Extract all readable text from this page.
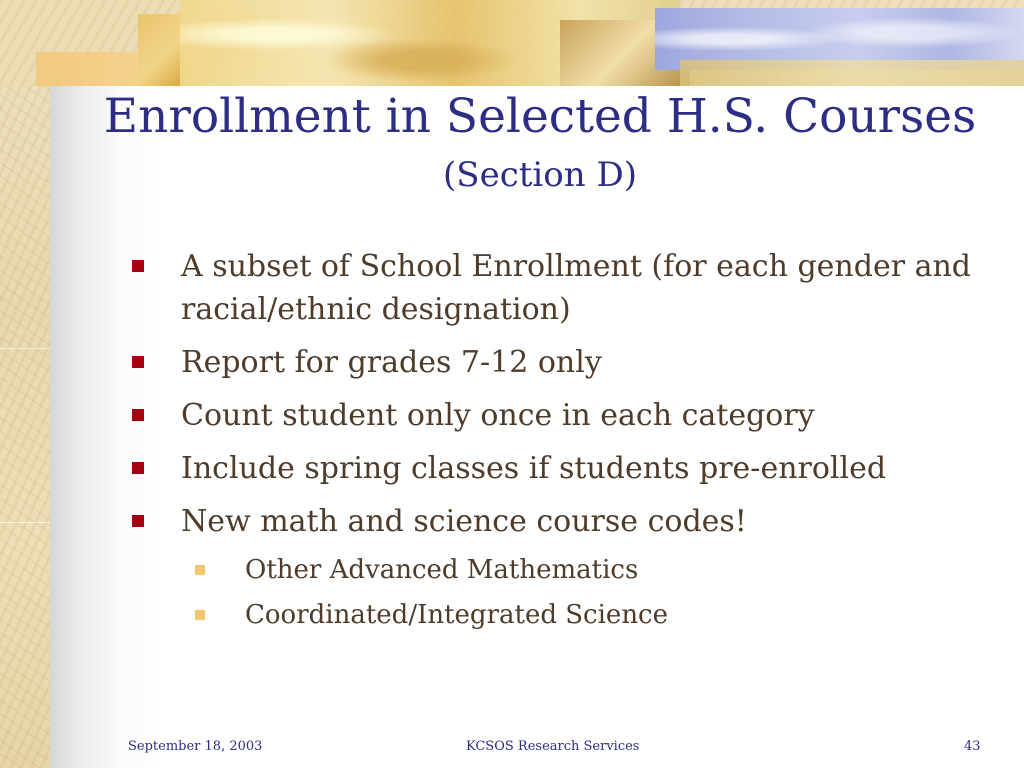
Enrollment in Selected H.S. Courses
(Section D)
A subset of School Enrollment (for each gender and racial/ethnic designation)
Report for grades 7-12 only
Count student only once in each category
Include spring classes if students pre-enrolled
New math and science course codes!
Other Advanced Mathematics
Coordinated/Integrated Science
September 18, 2003	KCSOS Research Services	43
